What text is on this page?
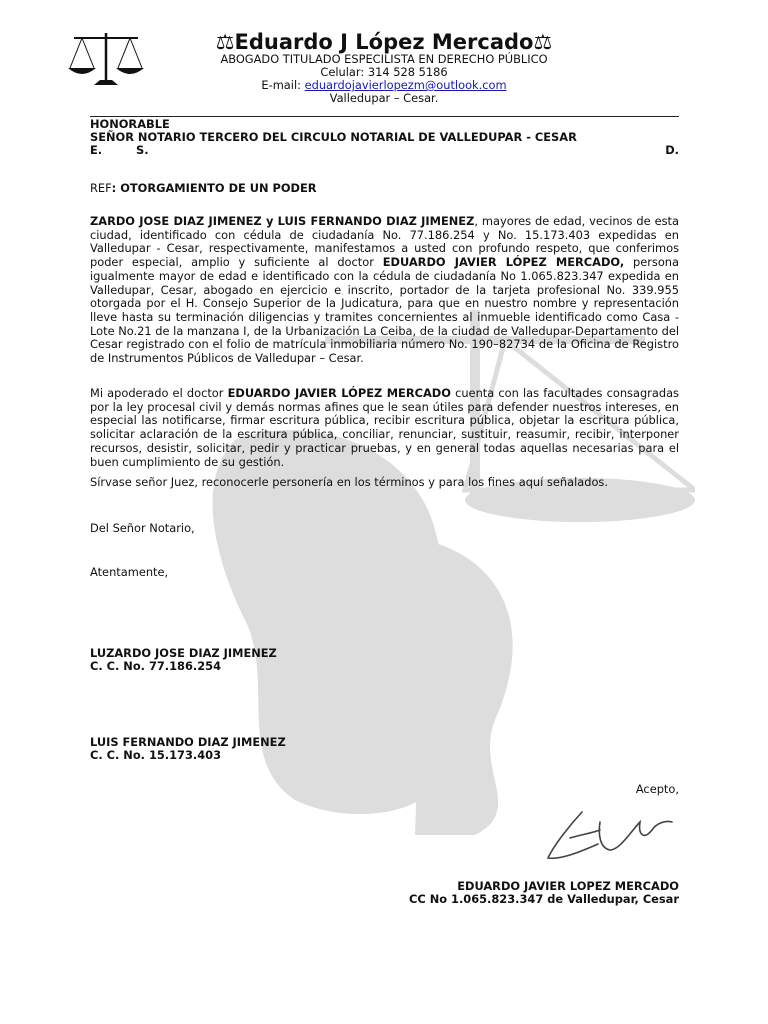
⚖Eduardo J López Mercado⚖
ABOGADO TITULADO ESPECILISTA EN DERECHO PÚBLICO
Celular: 314 528 5186
E-mail: eduardojavierlopezm@outlook.com
Valledupar – Cesar.
HONORABLE
SEÑOR NOTARIO TERCERO DEL CIRCULO NOTARIAL DE VALLEDUPAR - CESAR
E.	S.	D.
REF: OTORGAMIENTO DE UN PODER
ZARDO JOSE DIAZ JIMENEZ y LUIS FERNANDO DIAZ JIMENEZ, mayores de edad, vecinos de esta ciudad, identificado con cédula de ciudadanía No. 77.186.254 y No. 15.173.403 expedidas en Valledupar - Cesar, respectivamente, manifestamos a usted con profundo respeto, que conferimos poder especial, amplio y suficiente al doctor EDUARDO JAVIER LÓPEZ MERCADO, persona igualmente mayor de edad e identificado con la cédula de ciudadanía No 1.065.823.347 expedida en Valledupar, Cesar, abogado en ejercicio e inscrito, portador de la tarjeta profesional No. 339.955 otorgada por el H. Consejo Superior de la Judicatura, para que en nuestro nombre y representación lleve hasta su terminación diligencias y tramites concernientes al inmueble identificado como Casa -Lote No.21 de la manzana I, de la Urbanización La Ceiba, de la ciudad de Valledupar-Departamento del Cesar registrado con el folio de matrícula inmobiliaria número No. 190–82734 de la Oficina de Registro de Instrumentos Públicos de Valledupar – Cesar.
Mi apoderado el doctor EDUARDO JAVIER LÓPEZ MERCADO cuenta con las facultades consagradas por la ley procesal civil y demás normas afines que le sean útiles para defender nuestros intereses, en especial las notificarse, firmar escritura pública, recibir escritura pública, objetar la escritura pública, solicitar aclaración de la escritura pública, conciliar, renunciar, sustituir, reasumir, recibir, interponer recursos, desistir, solicitar, pedir y practicar pruebas, y en general todas aquellas necesarias para el buen cumplimiento de su gestión.
Sírvase señor Juez, reconocerle personería en los términos y para los fines aquí señalados.
Del Señor Notario,
Atentamente,
LUZARDO JOSE DIAZ JIMENEZ
C. C. No. 77.186.254
LUIS FERNANDO DIAZ JIMENEZ
C. C. No. 15.173.403
Acepto,
EDUARDO JAVIER LOPEZ MERCADO
CC No 1.065.823.347 de Valledupar, Cesar
